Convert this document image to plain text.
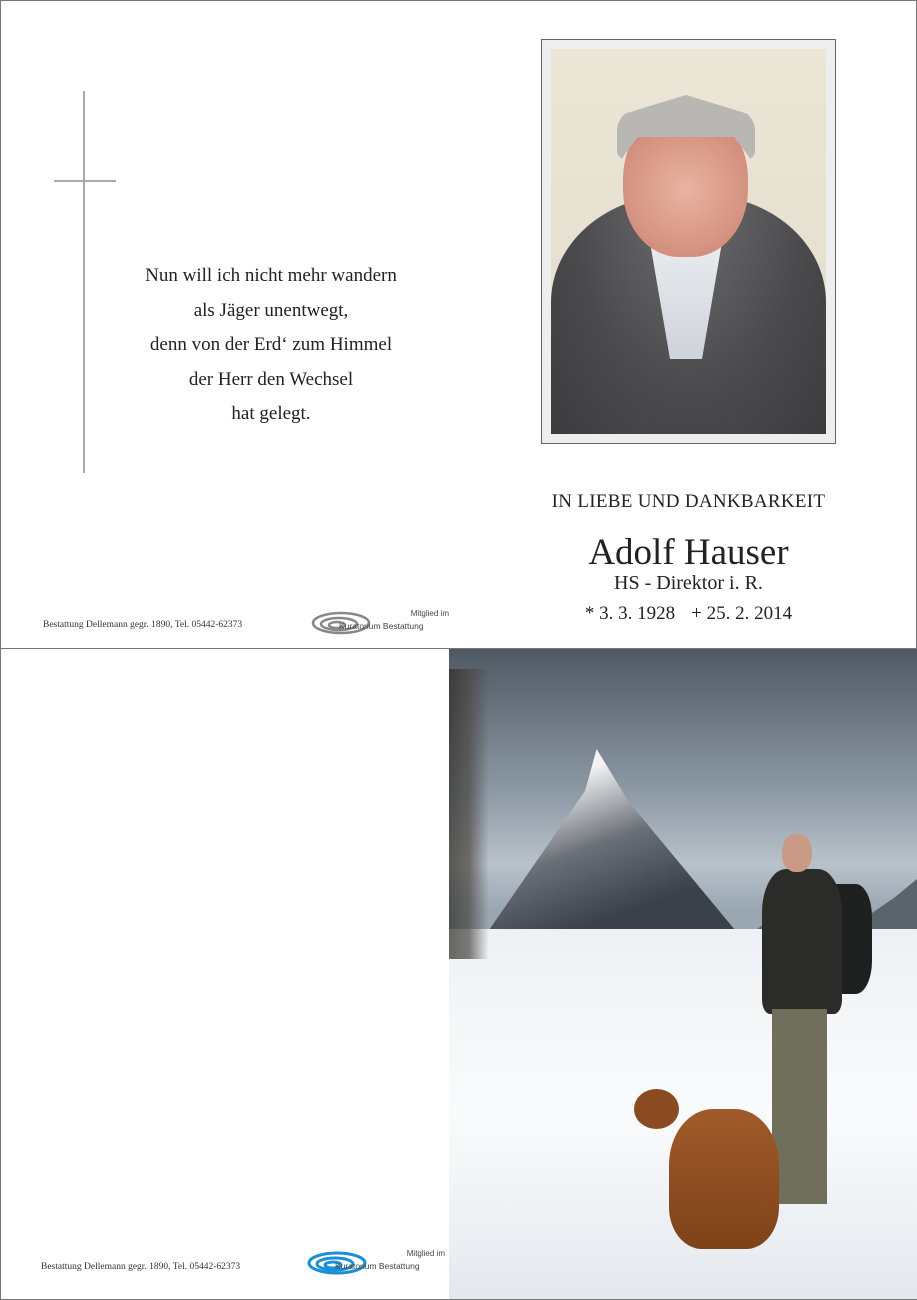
Nun will ich nicht mehr wandern
als Jäger unentwegt,
denn von der Erd‘ zum Himmel
der Herr den Wechsel
hat gelegt.
IN LIEBE UND DANKBARKEIT
Adolf Hauser
HS - Direktor i. R.
* 3. 3. 1928 + 25. 2. 2014
Bestattung Dellemann gegr. 1890, Tel. 05442-62373
Mitglied im
Kuratorium Bestattung
Bestattung Dellemann gegr. 1890, Tel. 05442-62373
Mitglied im
Kuratorium Bestattung
